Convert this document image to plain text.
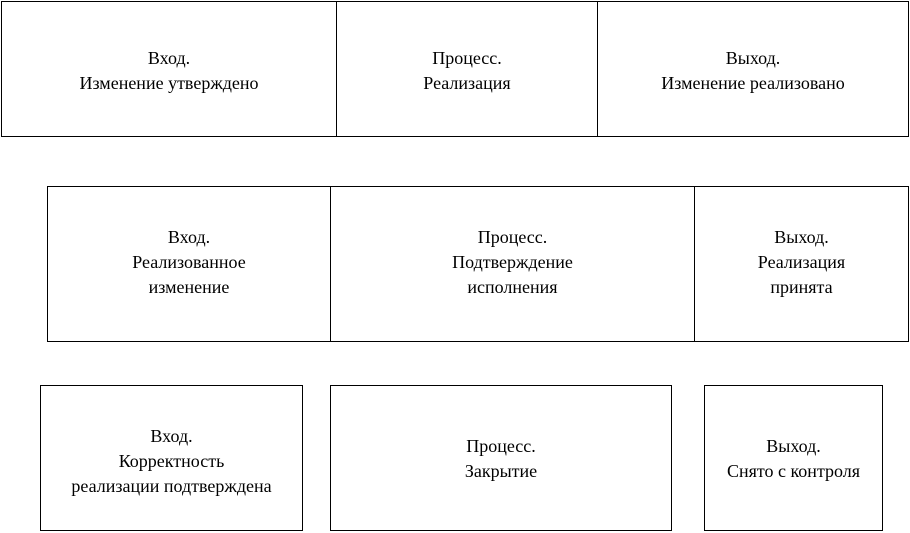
Вход.
Изменение утверждено
Процесс.
Реализация
Выход.
Изменение реализовано
Вход.
Реализованное
изменение
Процесс.
Подтверждение
исполнения
Выход.
Реализация
принята
Вход.
Корректность
реализации подтверждена
Процесс.
Закрытие
Выход.
Снято с контроля
